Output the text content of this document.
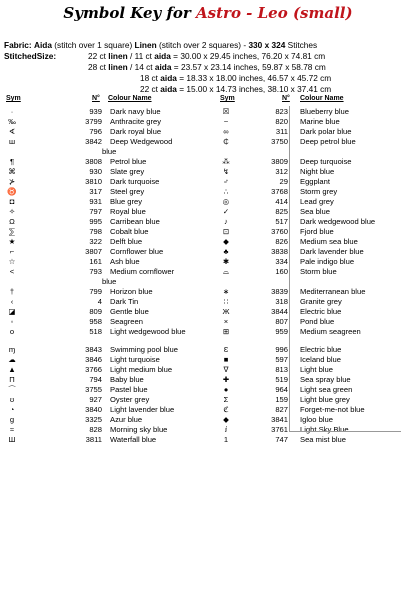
Symbol Key for Astro - Leo (small)
Fabric: Aida (stitch over 1 square) Linen (stitch over 2 squares) - 330 x 324 Stitches
StitchedSize:	22 ct linen / 11 ct aida = 30.00 x 29.45 inches, 76.20 x 74.81 cm
28 ct linen / 14 ct aida = 23.57 x 23.14 inches, 59.87 x 58.78 cm
18 ct aida = 18.33 x 18.00 inches, 46.57 x 45.72 cm
22 ct aida = 15.00 x 14.73 inches, 38.10 x 37.41 cm
Sym	N° Colour Name	Sym	N° Colour Name
·	939 Dark navy blue
‰	3799 Anthracite grey
∢	796 Dark royal blue
ш	3842 Deep Wedgewood
blue
¶	3808 Petrol blue
⌘	930 Slate grey
⊁	3810 Dark turquoise
♉	317 Steel grey
◘	931 Blue grey
✧	797 Royal blue
Ω	995 Carribean blue
⅀	798 Cobalt blue
★	322 Delft blue
⌐	3807 Cornflower blue
☆	161 Ash blue
˂	793 Medium cornflower
blue
†	799 Horizon blue
‹	4 Dark Tin
◪	809 Gentle blue
◦	958 Seagreen
o	518 Light wedgewood blue
ɱ	3843 Swimming pool blue
☁	3846 Light turquoise
▲	3766 Light medium blue
Π	794 Baby blue
⌒	3755 Pastel blue
ʊ	927 Oyster grey
◔	3840 Light lavender blue
g	3325 Azur blue
≈	828 Morning sky blue
Ш	3811 Waterfall blue
☒	823 Blueberry blue
~	820 Marine blue
∞	311 Dark polar blue
₵	3750 Deep petrol blue
⁂	3809 Deep turquoise
↯	312 Night blue
♂	29 Eggplant
∴	3768 Storm grey
◎	414 Lead grey
✓	825 Sea blue
♪	517 Dark wedgewood blue
⊡	3760 Fjord blue
◆	826 Medium sea blue
♣	3838 Dark lavender blue
✱	334 Pale indigo blue
⌓	160 Storm blue
∗	3839 Mediterranean blue
∷	318 Granite grey
Ж	3844 Electric blue
×	807 Pond blue
⊞	959 Medium seagreen
Ɛ	996 Electric blue
■	597 Iceland blue
∇	813 Light blue
✚	519 Sea spray blue
●	964 Light sea green
Σ	159 Light blue grey
ℭ	827 Forget-me-not blue
◆	3841 Igloo blue
ⅈ	3761 Light Sky Blue
1	747 Sea mist blue
